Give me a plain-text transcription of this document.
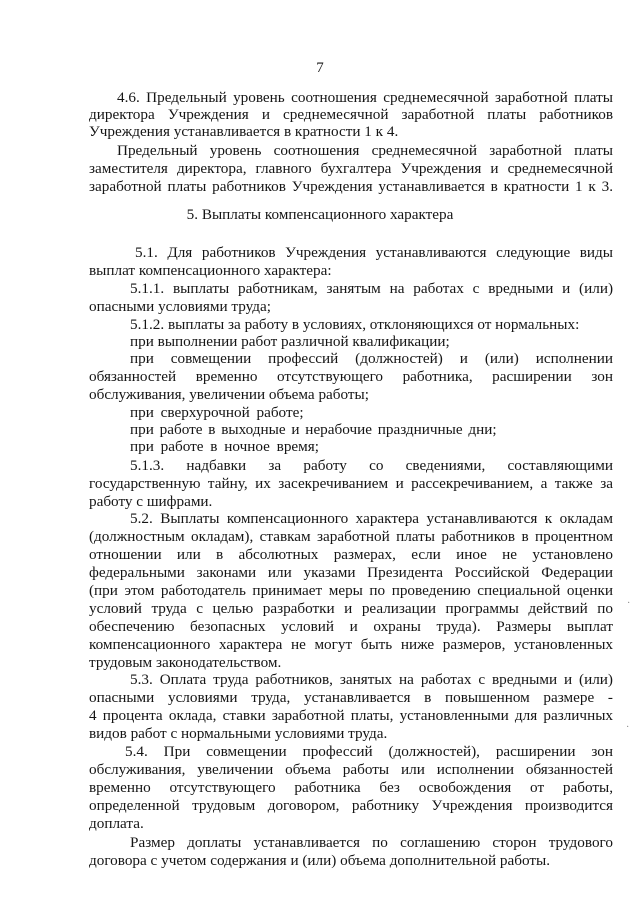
7
4.6. Предельный уровень соотношения среднемесячной заработной платы
директора Учреждения и среднемесячной заработной платы работников
Учреждения устанавливается в кратности 1 к 4.
Предельный уровень соотношения среднемесячной заработной платы
заместителя директора, главного бухгалтера Учреждения и среднемесячной
заработной платы работников Учреждения устанавливается в кратности 1 к 3.
5. Выплаты компенсационного характера
5.1. Для работников Учреждения устанавливаются следующие виды
выплат компенсационного характера:
5.1.1. выплаты работникам, занятым на работах с вредными и (или)
опасными условиями труда;
5.1.2. выплаты за работу в условиях, отклоняющихся от нормальных:
при выполнении работ различной квалификации;
при совмещении профессий (должностей) и (или) исполнении
обязанностей временно отсутствующего работника, расширении зон
обслуживания, увеличении объема работы;
при сверхурочной работе;
при работе в выходные и нерабочие праздничные дни;
при работе в ночное время;
5.1.3. надбавки за работу со сведениями, составляющими
государственную тайну, их засекречиванием и рассекречиванием, а также за
работу с шифрами.
5.2. Выплаты компенсационного характера устанавливаются к окладам
(должностным окладам), ставкам заработной платы работников в процентном
отношении или в абсолютных размерах, если иное не установлено
федеральными законами или указами Президента Российской Федерации
(при этом работодатель принимает меры по проведению специальной оценки
условий труда с целью разработки и реализации программы действий по
обеспечению безопасных условий и охраны труда). Размеры выплат
компенсационного характера не могут быть ниже размеров, установленных
трудовым законодательством.
5.3. Оплата труда работников, занятых на работах с вредными и (или)
опасными условиями труда, устанавливается в повышенном размере -
4 процента оклада, ставки заработной платы, установленными для различных
видов работ с нормальными условиями труда.
5.4. При совмещении профессий (должностей), расширении зон
обслуживания, увеличении объема работы или исполнении обязанностей
временно отсутствующего работника без освобождения от работы,
определенной трудовым договором, работнику Учреждения производится
доплата.
Размер доплаты устанавливается по соглашению сторон трудового
договора с учетом содержания и (или) объема дополнительной работы.
·
·
